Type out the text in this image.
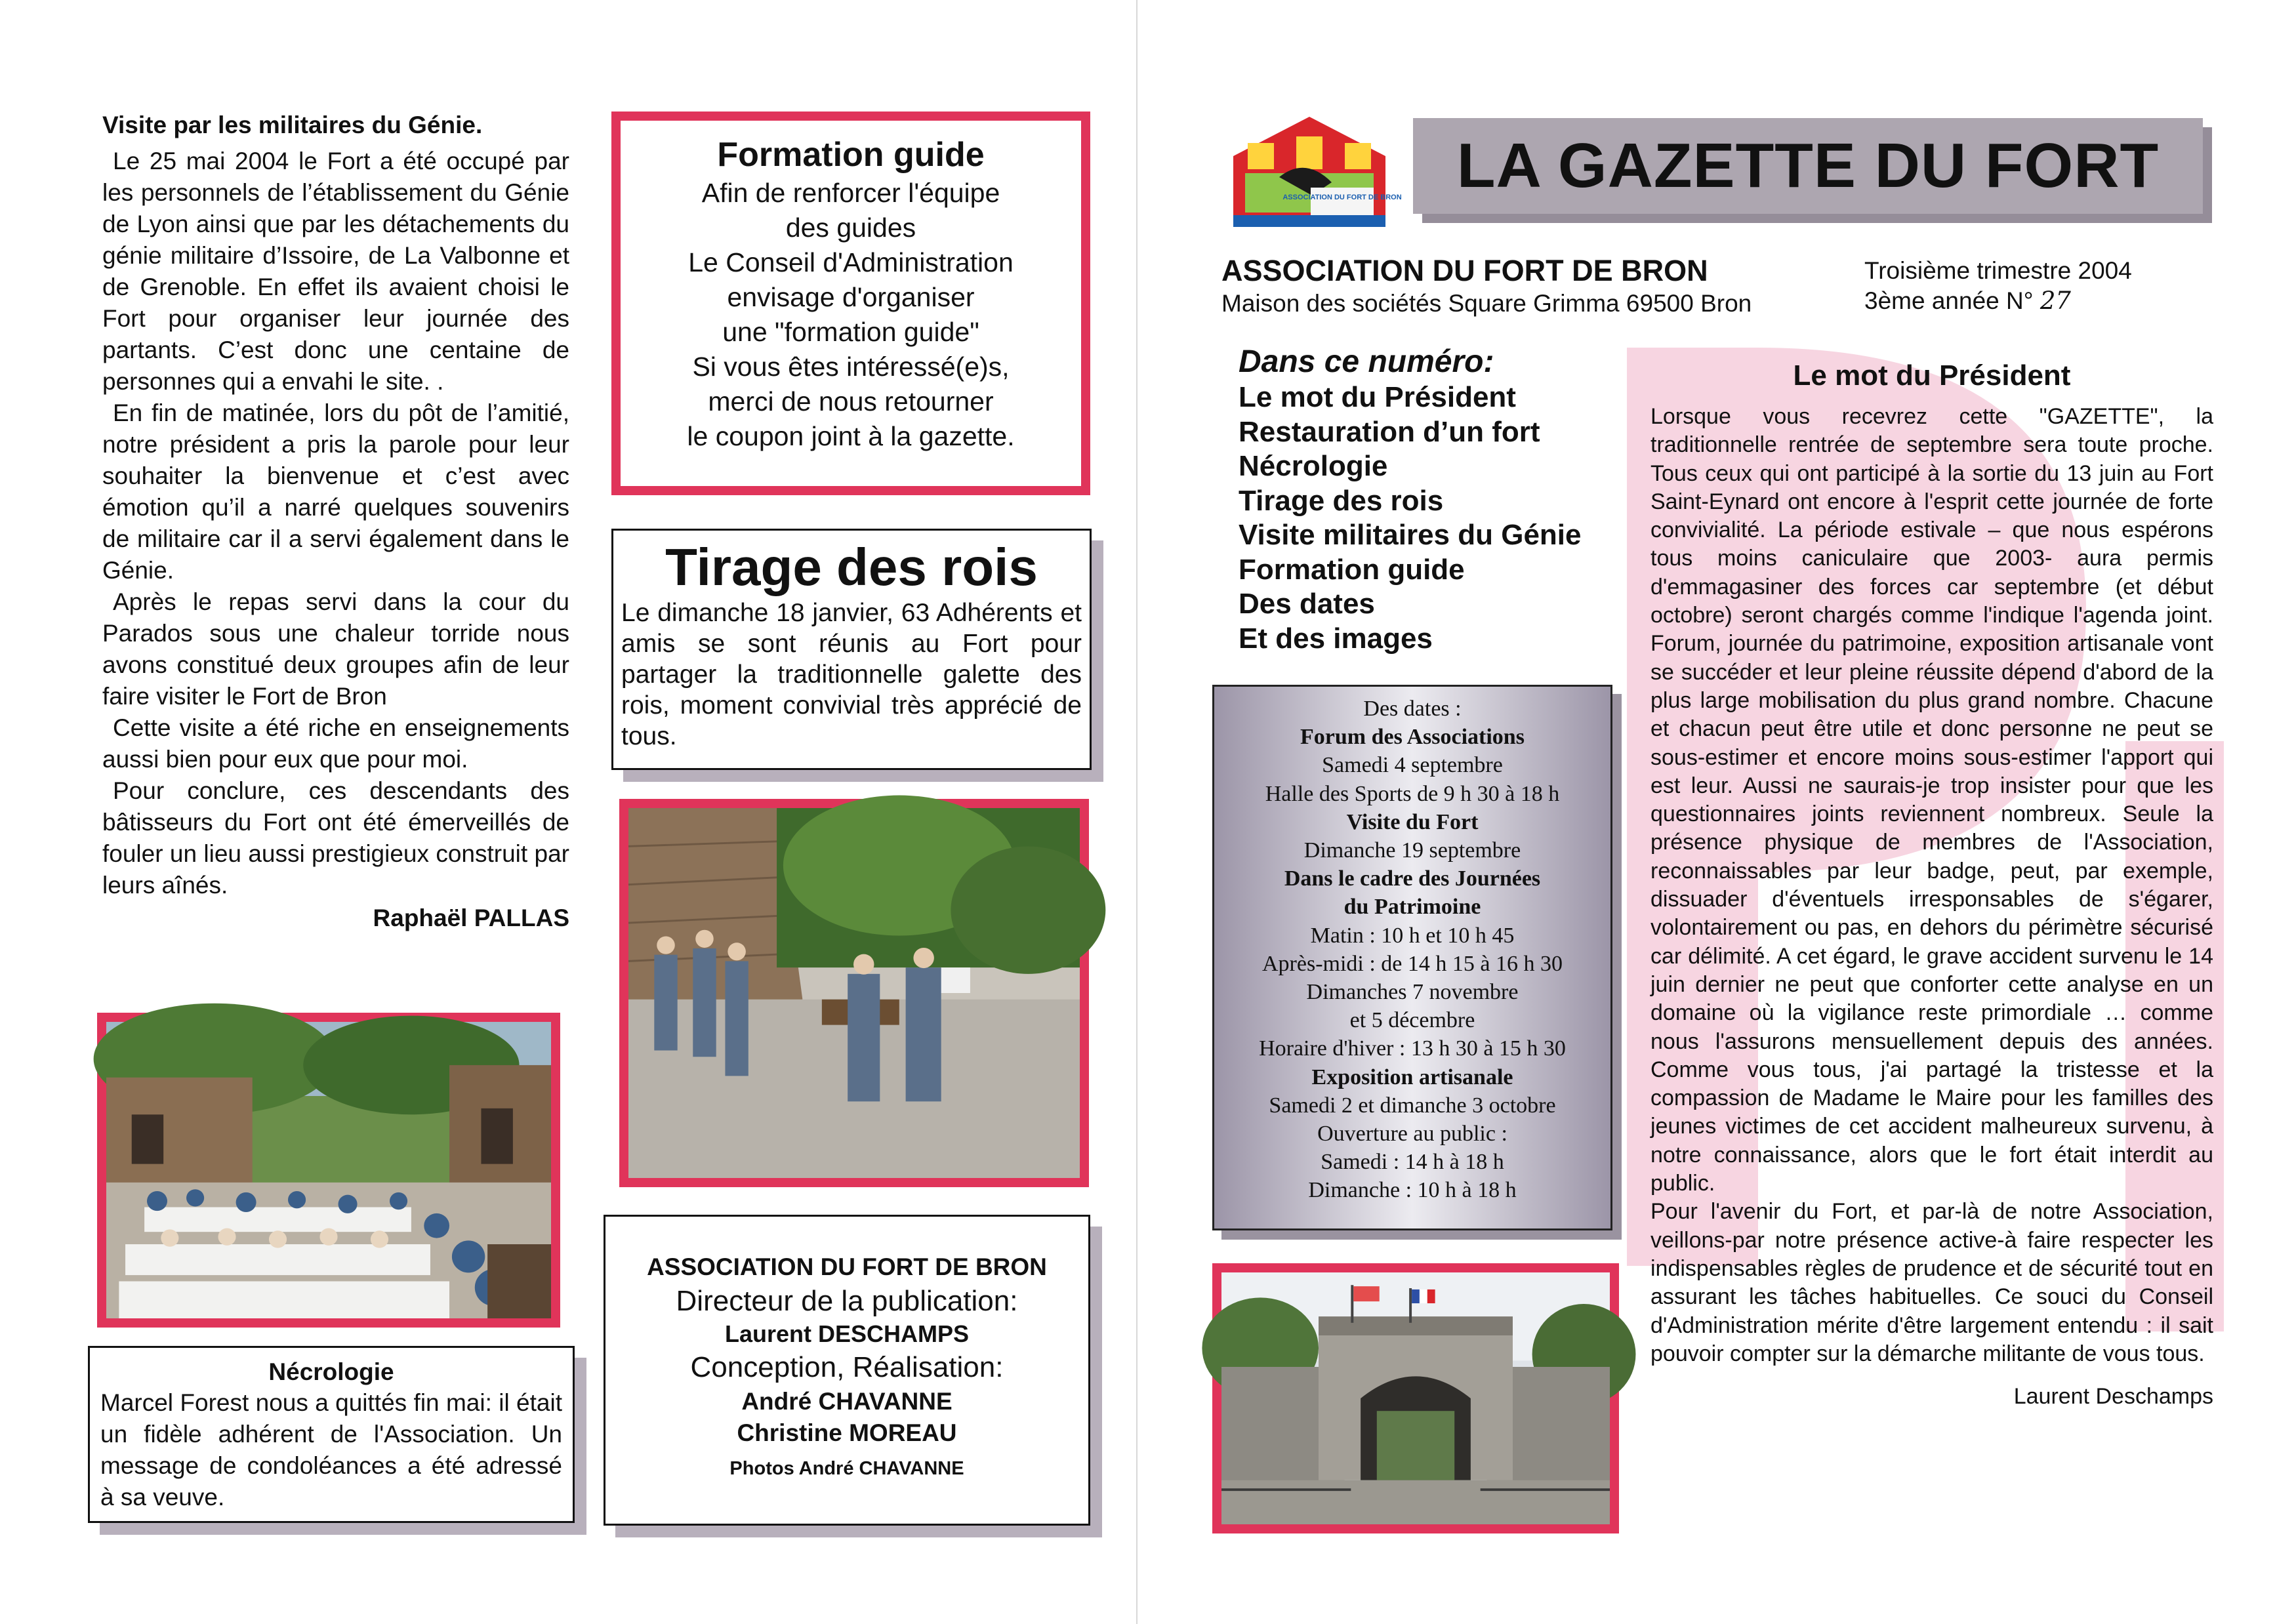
Visite par les militaires du Génie.

Le 25 mai 2004 le Fort a été occupé par les personnels de l’établissement du Génie de Lyon ainsi que par les détachements du génie militaire d’Issoire, de La Valbonne et de Grenoble. En effet ils avaient choisi le Fort pour organiser leur journée des partants. C’est donc une centaine de personnes qui a envahi le site. .

En fin de matinée, lors du pôt de l’amitié, notre président a pris la parole pour leur souhaiter la bienvenue et c’est avec émotion qu’il a narré quelques souvenirs de militaire car il a servi également dans le Génie.

Après le repas servi dans la cour du Parados sous une chaleur torride nous avons constitué deux groupes afin de leur faire visiter le Fort de Bron

Cette visite a été riche en enseignements aussi bien pour eux que pour moi.

Pour conclure, ces descendants des bâtisseurs du Fort ont été émerveillés de fouler un lieu aussi prestigieux construit par leurs aînés.

Raphaël PALLAS
Nécrologie

Marcel Forest nous a quittés fin mai: il était un fidèle adhérent de l'Association. Un message de condoléances a été adressé à sa veuve.

Formation guide
Afin de renforcer l'équipe
des guides
Le Conseil d'Administration
envisage d'organiser
une "formation guide"
Si vous êtes intéressé(e)s,
merci de nous retourner
le coupon joint à la gazette.
Tirage des rois

Le dimanche 18 janvier, 63 Adhérents et amis se sont réunis au Fort pour partager la traditionnelle galette des rois, moment convivial très apprécié de tous.

ASSOCIATION DU FORT DE BRON
Directeur de la publication:
Laurent DESCHAMPS
Conception, Réalisation:
André CHAVANNE
Christine MOREAU
Photos André CHAVANNE
ASSOCIATION DU FORT DE BRON LA GAZETTE DU FORT
ASSOCIATION DU FORT DE BRON
Maison des sociétés Square Grimma 69500 Bron
Troisième trimestre 2004
3ème année N° 27
Dans ce numéro:
Le mot du Président
Restauration d’un fort
Nécrologie
Tirage des rois
Visite militaires du Génie
Formation guide
Des dates
Et des images
Des dates :
Forum des Associations
Samedi 4 septembre
Halle des Sports de 9 h 30 à 18 h
Visite du Fort
Dimanche 19 septembre
Dans le cadre des Journées
du Patrimoine
Matin : 10 h et 10 h 45
Après-midi : de 14 h 15 à 16 h 30
Dimanches 7 novembre
et 5 décembre
Horaire d'hiver : 13 h 30 à 15 h 30
Exposition artisanale
Samedi 2 et dimanche 3 octobre
Ouverture au public :
Samedi : 14 h à 18 h
Dimanche : 10 h à 18 h
Le mot du Président

Lorsque vous recevrez cette "GAZETTE", la traditionnelle rentrée de septembre sera toute proche. Tous ceux qui ont participé à la sortie du 13 juin au Fort Saint-Eynard ont encore à l'esprit cette journée de forte convivialité. La période estivale – que nous espérons tous moins caniculaire que 2003- aura permis d'emmagasiner des forces car septembre (et début octobre) seront chargés comme l'indique l'agenda joint. Forum, journée du patrimoine, exposition artisanale vont se succéder et leur pleine réussite dépend d'abord de la plus large mobilisation du plus grand nombre. Chacune et chacun peut être utile et donc personne ne peut se sous-estimer et encore moins sous-estimer l'apport qui est leur. Aussi ne saurais-je trop insister pour que les questionnaires joints reviennent nombreux. Seule la présence physique de membres de l'Association, reconnaissables par leur badge, peut, par exemple, dissuader d'éventuels irresponsables de s'égarer, volontairement ou pas, en dehors du périmètre sécurisé car délimité. A cet égard, le grave accident survenu le 14 juin dernier ne peut que conforter cette analyse en un domaine où la vigilance reste primordiale … comme nous l'assurons mensuellement depuis des années. Comme vous tous, j'ai partagé la tristesse et la compassion de Madame le Maire pour les familles des jeunes victimes de cet accident malheureux survenu, à notre connaissance, alors que le fort était interdit au public.

Pour l'avenir du Fort, et par-là de notre Association, veillons-par notre présence active-à faire respecter les indispensables règles de prudence et de sécurité tout en assurant les tâches habituelles. Ce souci du Conseil d'Administration mérite d'être largement entendu : il sait pouvoir compter sur la démarche militante de vous tous.

Laurent Deschamps
